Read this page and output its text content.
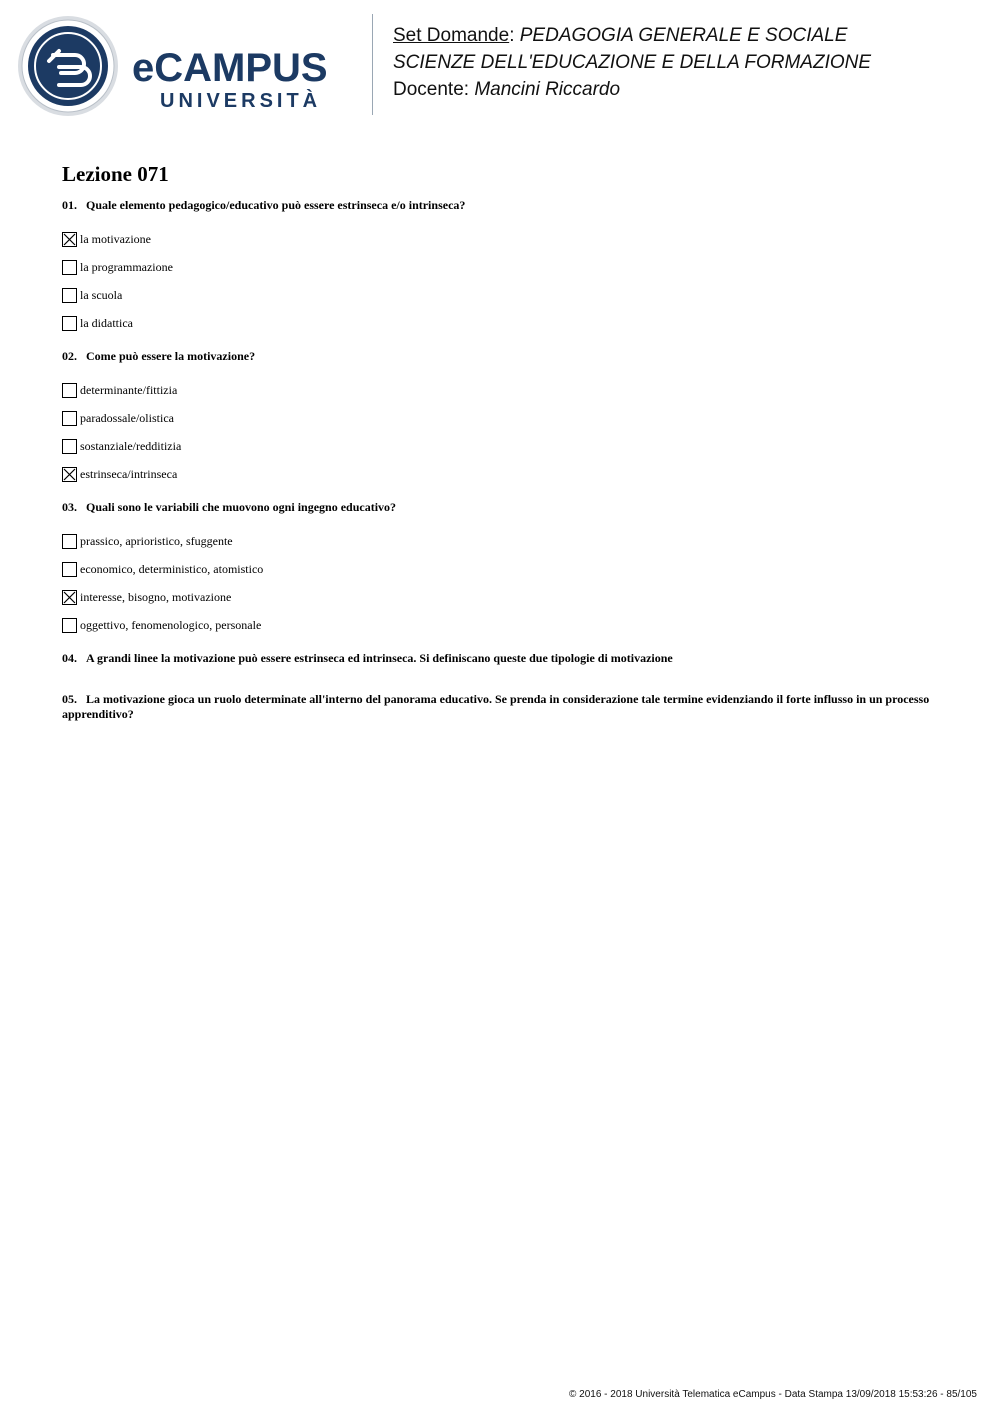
eCAMPUS
UNIVERSITÀ
Set Domande: PEDAGOGIA GENERALE E SOCIALE
SCIENZE DELL'EDUCAZIONE E DELLA FORMAZIONE
Docente: Mancini Riccardo
Lezione 071
01. Quale elemento pedagogico/educativo può essere estrinseca e/o intrinseca?
la motivazione
la programmazione
la scuola
la didattica
02. Come può essere la motivazione?
determinante/fittizia
paradossale/olistica
sostanziale/redditizia
estrinseca/intrinseca
03. Quali sono le variabili che muovono ogni ingegno educativo?
prassico, aprioristico, sfuggente
economico, deterministico, atomistico
interesse, bisogno, motivazione
oggettivo, fenomenologico, personale
04. A grandi linee la motivazione può essere estrinseca ed intrinseca. Si definiscano queste due tipologie di motivazione
05. La motivazione gioca un ruolo determinate all'interno del panorama educativo. Se prenda in considerazione tale termine evidenziando il forte influsso in un processo apprenditivo?
© 2016 - 2018 Università Telematica eCampus - Data Stampa 13/09/2018 15:53:26 - 85/105
